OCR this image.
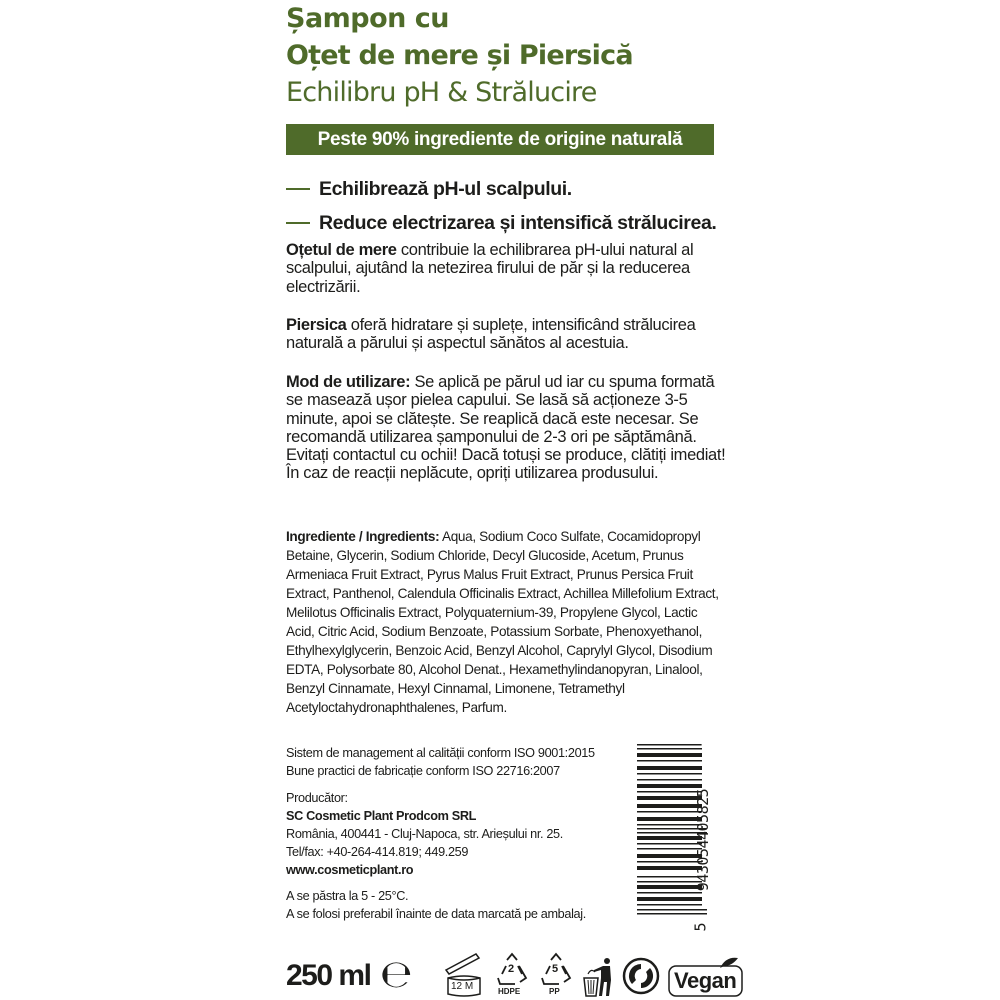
Șampon cu
Oțet de mere și Piersică
Echilibru pH & Strălucire
Peste 90% ingrediente de origine naturală
Echilibrează pH-ul scalpului.
Reduce electrizarea și intensifică strălucirea.

Oțetul de mere contribuie la echilibrarea pH-ului natural al scalpului, ajutând la netezirea firului de păr și la reducerea electrizării.

Piersica oferă hidratare și suplețe, intensificând strălucirea naturală a părului și aspectul sănătos al acestuia.

Mod de utilizare: Se aplică pe părul ud iar cu spuma formată se masează ușor pielea capului. Se lasă să acționeze 3-5 minute, apoi se clătește. Se reaplică dacă este necesar. Se recomandă utilizarea șamponului de 2-3 ori pe săptămână. Evitați contactul cu ochii! Dacă totuși se produce, clătiți imediat! În caz de reacții neplăcute, opriți utilizarea produsului.

Ingrediente / Ingredients: Aqua, Sodium Coco Sulfate, Cocamidopropyl Betaine, Glycerin, Sodium Chloride, Decyl Glucoside, Acetum, Prunus Armeniaca Fruit Extract, Pyrus Malus Fruit Extract, Prunus Persica Fruit Extract, Panthenol, Calendula Officinalis Extract, Achillea Millefolium Extract, Melilotus Officinalis Extract, Polyquaternium-39, Propylene Glycol, Lactic Acid, Citric Acid, Sodium Benzoate, Potassium Sorbate, Phenoxyethanol, Ethylhexylglycerin, Benzoic Acid, Benzyl Alcohol, Caprylyl Glycol, Disodium EDTA, Polysorbate 80, Alcohol Denat., Hexamethylindanopyran, Linalool, Benzyl Cinnamate, Hexyl Cinnamal, Limonene, Tetramethyl Acetyloctahydronaphthalenes, Parfum.

Sistem de management al calității conform ISO 9001:2015
Bune practici de fabricație conform ISO 22716:2007
Producător:
SC Cosmetic Plant Prodcom SRL
România, 400441 - Cluj-Napoca, str. Arieșului nr. 25.
Tel/fax: +40-264-414.819; 449.259
www.cosmeticplant.ro
A se păstra la 5 - 25°C.
A se folosi preferabil înainte de data marcată pe ambalaj.
943054405825
5
250 ml ℮	12 M
2
HDPE
5
PP	Vegan
